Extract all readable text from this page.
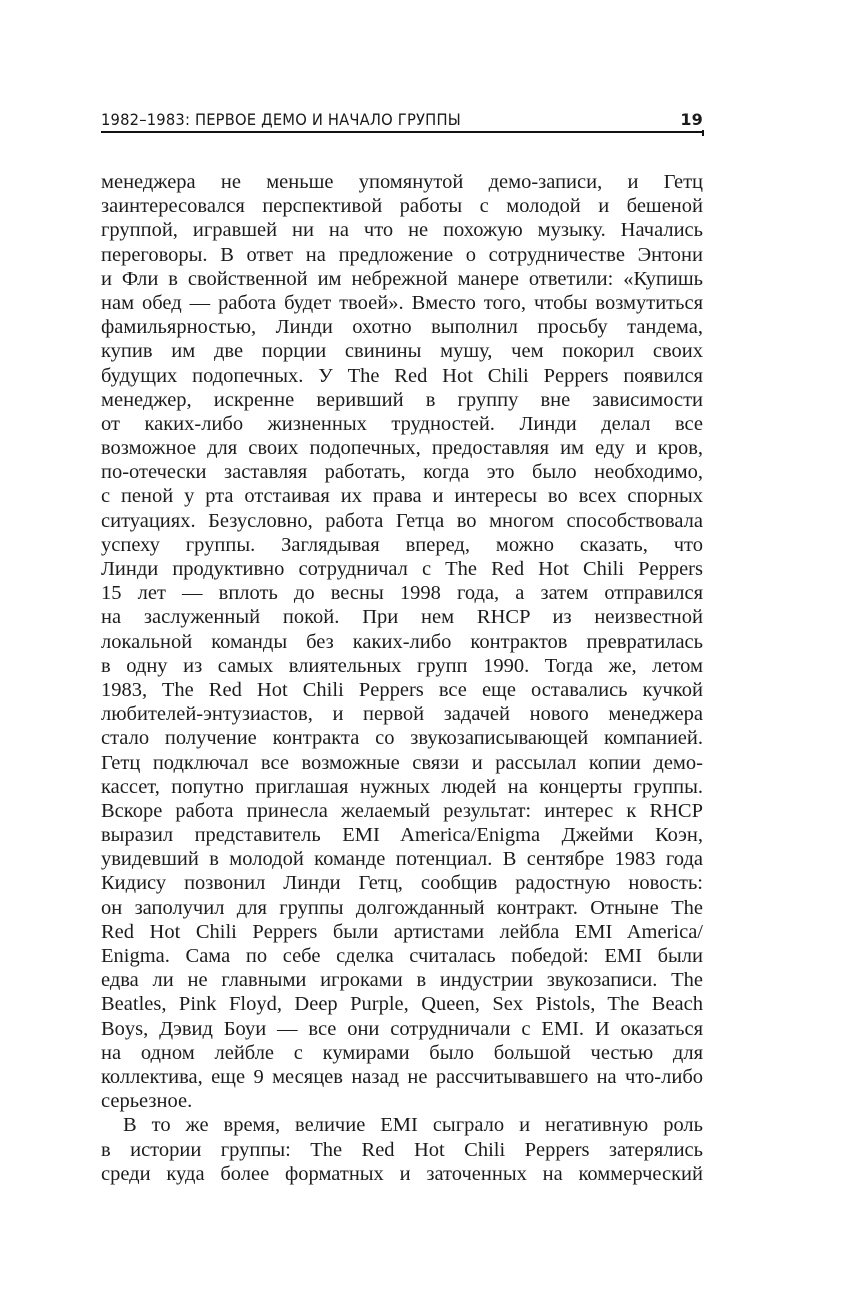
1982–1983: ПЕРВОЕ ДЕМО И НАЧАЛО ГРУППЫ	19
менеджера не меньше упомянутой демо-записи, и Гетц
заинтересовался перспективой работы с молодой и бешеной
группой, игравшей ни на что не похожую музыку. Начались
переговоры. В ответ на предложение о сотрудничестве Энтони
и Фли в свойственной им небрежной манере ответили: «Купишь
нам обед — работа будет твоей». Вместо того, чтобы возмутиться
фамильярностью, Линди охотно выполнил просьбу тандема,
купив им две порции свинины мушу, чем покорил своих
будущих подопечных. У The Red Hot Chili Peppers появился
менеджер, искренне веривший в группу вне зависимости
от каких-либо жизненных трудностей. Линди делал все
возможное для своих подопечных, предоставляя им еду и кров,
по-отечески заставляя работать, когда это было необходимо,
с пеной у рта отстаивая их права и интересы во всех спорных
ситуациях. Безусловно, работа Гетца во многом способствовала
успеху группы. Заглядывая вперед, можно сказать, что
Линди продуктивно сотрудничал с The Red Hot Chili Peppers
15 лет — вплоть до весны 1998 года, а затем отправился
на заслуженный покой. При нем RHCP из неизвестной
локальной команды без каких-либо контрактов превратилась
в одну из самых влиятельных групп 1990. Тогда же, летом
1983, The Red Hot Chili Peppers все еще оставались кучкой
любителей-энтузиастов, и первой задачей нового менеджера
стало получение контракта со звукозаписывающей компанией.
Гетц подключал все возможные связи и рассылал копии демо-
кассет, попутно приглашая нужных людей на концерты группы.
Вскоре работа принесла желаемый результат: интерес к RHCP
выразил представитель EMI America/Enigma Джейми Коэн,
увидевший в молодой команде потенциал. В сентябре 1983 года
Кидису позвонил Линди Гетц, сообщив радостную новость:
он заполучил для группы долгожданный контракт. Отныне The
Red Hot Chili Peppers были артистами лейбла EMI America/
Enigma. Сама по себе сделка считалась победой: EMI были
едва ли не главными игроками в индустрии звукозаписи. The
Beatles, Pink Floyd, Deep Purple, Queen, Sex Pistols, The Beach
Boys, Дэвид Боуи — все они сотрудничали с EMI. И оказаться
на одном лейбле с кумирами было большой честью для
коллектива, еще 9 месяцев назад не рассчитывавшего на что-либо
серьезное.
В то же время, величие EMI сыграло и негативную роль
в истории группы: The Red Hot Chili Peppers затерялись
среди куда более форматных и заточенных на коммерческий
